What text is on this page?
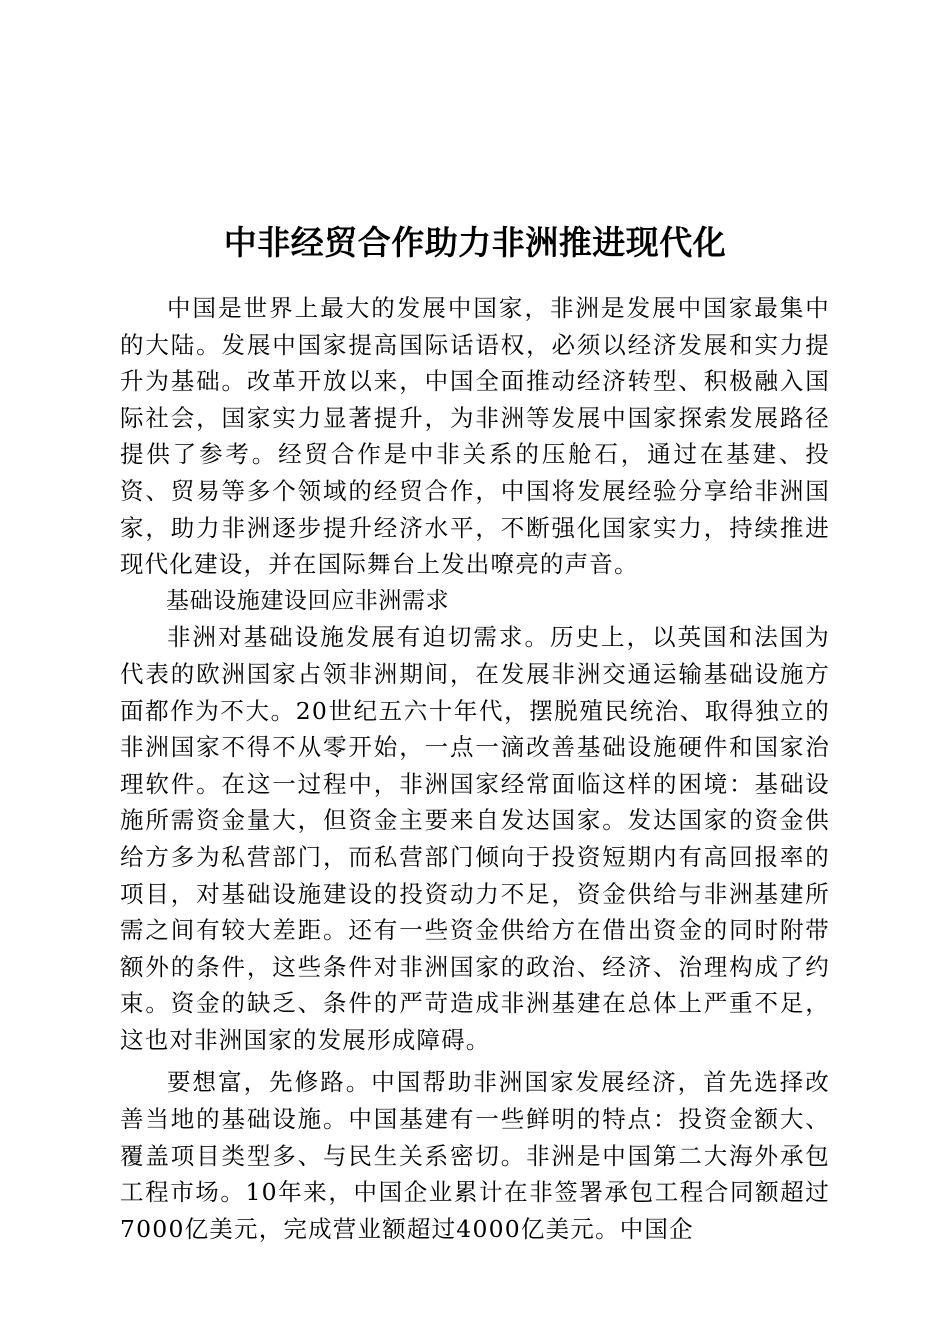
中非经贸合作助力非洲推进现代化

中国是世界上最大的发展中国家，非洲是发展中国家最集中的大陆。发展中国家提高国际话语权，必须以经济发展和实力提升为基础。改革开放以来，中国全面推动经济转型、积极融入国际社会，国家实力显著提升，为非洲等发展中国家探索发展路径提供了参考。经贸合作是中非关系的压舱石，通过在基建、投资、贸易等多个领域的经贸合作，中国将发展经验分享给非洲国家，助力非洲逐步提升经济水平，不断强化国家实力，持续推进现代化建设，并在国际舞台上发出嘹亮的声音。

基础设施建设回应非洲需求

非洲对基础设施发展有迫切需求。历史上，以英国和法国为代表的欧洲国家占领非洲期间，在发展非洲交通运输基础设施方面都作为不大。20世纪五六十年代，摆脱殖民统治、取得独立的非洲国家不得不从零开始，一点一滴改善基础设施硬件和国家治理软件。在这一过程中，非洲国家经常面临这样的困境：基础设施所需资金量大，但资金主要来自发达国家。发达国家的资金供给方多为私营部门，而私营部门倾向于投资短期内有高回报率的项目，对基础设施建设的投资动力不足，资金供给与非洲基建所需之间有较大差距。还有一些资金供给方在借出资金的同时附带额外的条件，这些条件对非洲国家的政治、经济、治理构成了约束。资金的缺乏、条件的严苛造成非洲基建在总体上严重不足，这也对非洲国家的发展形成障碍。

要想富，先修路。中国帮助非洲国家发展经济，首先选择改善当地的基础设施。中国基建有一些鲜明的特点：投资金额大、覆盖项目类型多、与民生关系密切。非洲是中国第二大海外承包工程市场。10年来，中国企业累计在非签署承包工程合同额超过7000亿美元，完成营业额超过4000亿美元。中国企
